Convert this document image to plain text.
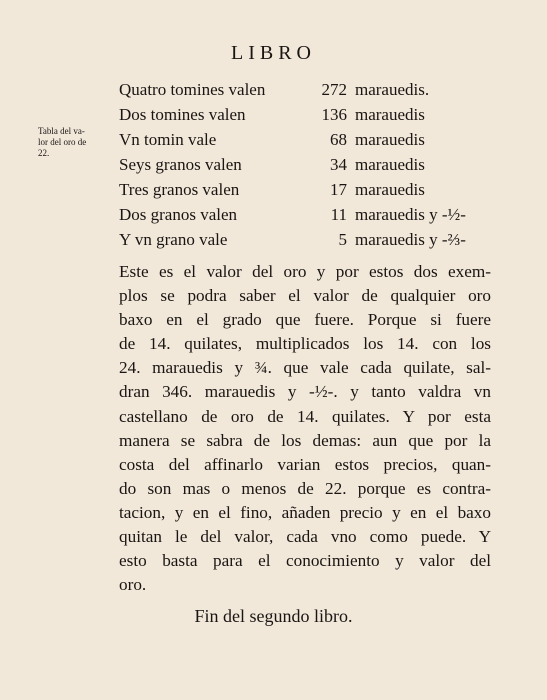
LIBRO
Tabla del va-
lor del oro de
22.
Quatro tomines valen	272 marauedis.
Dos tomines valen	136 marauedis
Vn tomin vale	68 marauedis
Seys granos valen	34 marauedis
Tres granos valen	17 marauedis
Dos granos valen	11 marauedis y -½-
Y vn grano vale	5 marauedis y -⅔-
Este es el valor del oro y por estos dos exem-
plos se podra saber el valor de qualquier oro
baxo en el grado que fuere. Porque si fuere
de 14. quilates, multiplicados los 14. con los
24. marauedis y ¾. que vale cada quilate, sal-
dran 346. marauedis y -½-. y tanto valdra vn
castellano de oro de 14. quilates. Y por esta
manera se sabra de los demas: aun que por la
costa del affinarlo varian estos precios, quan-
do son mas o menos de 22. porque es contra-
tacion, y en el fino, añaden precio y en el baxo
quitan le del valor, cada vno como puede. Y
esto basta para el conocimiento y valor del
oro.
Fin del segundo libro.
